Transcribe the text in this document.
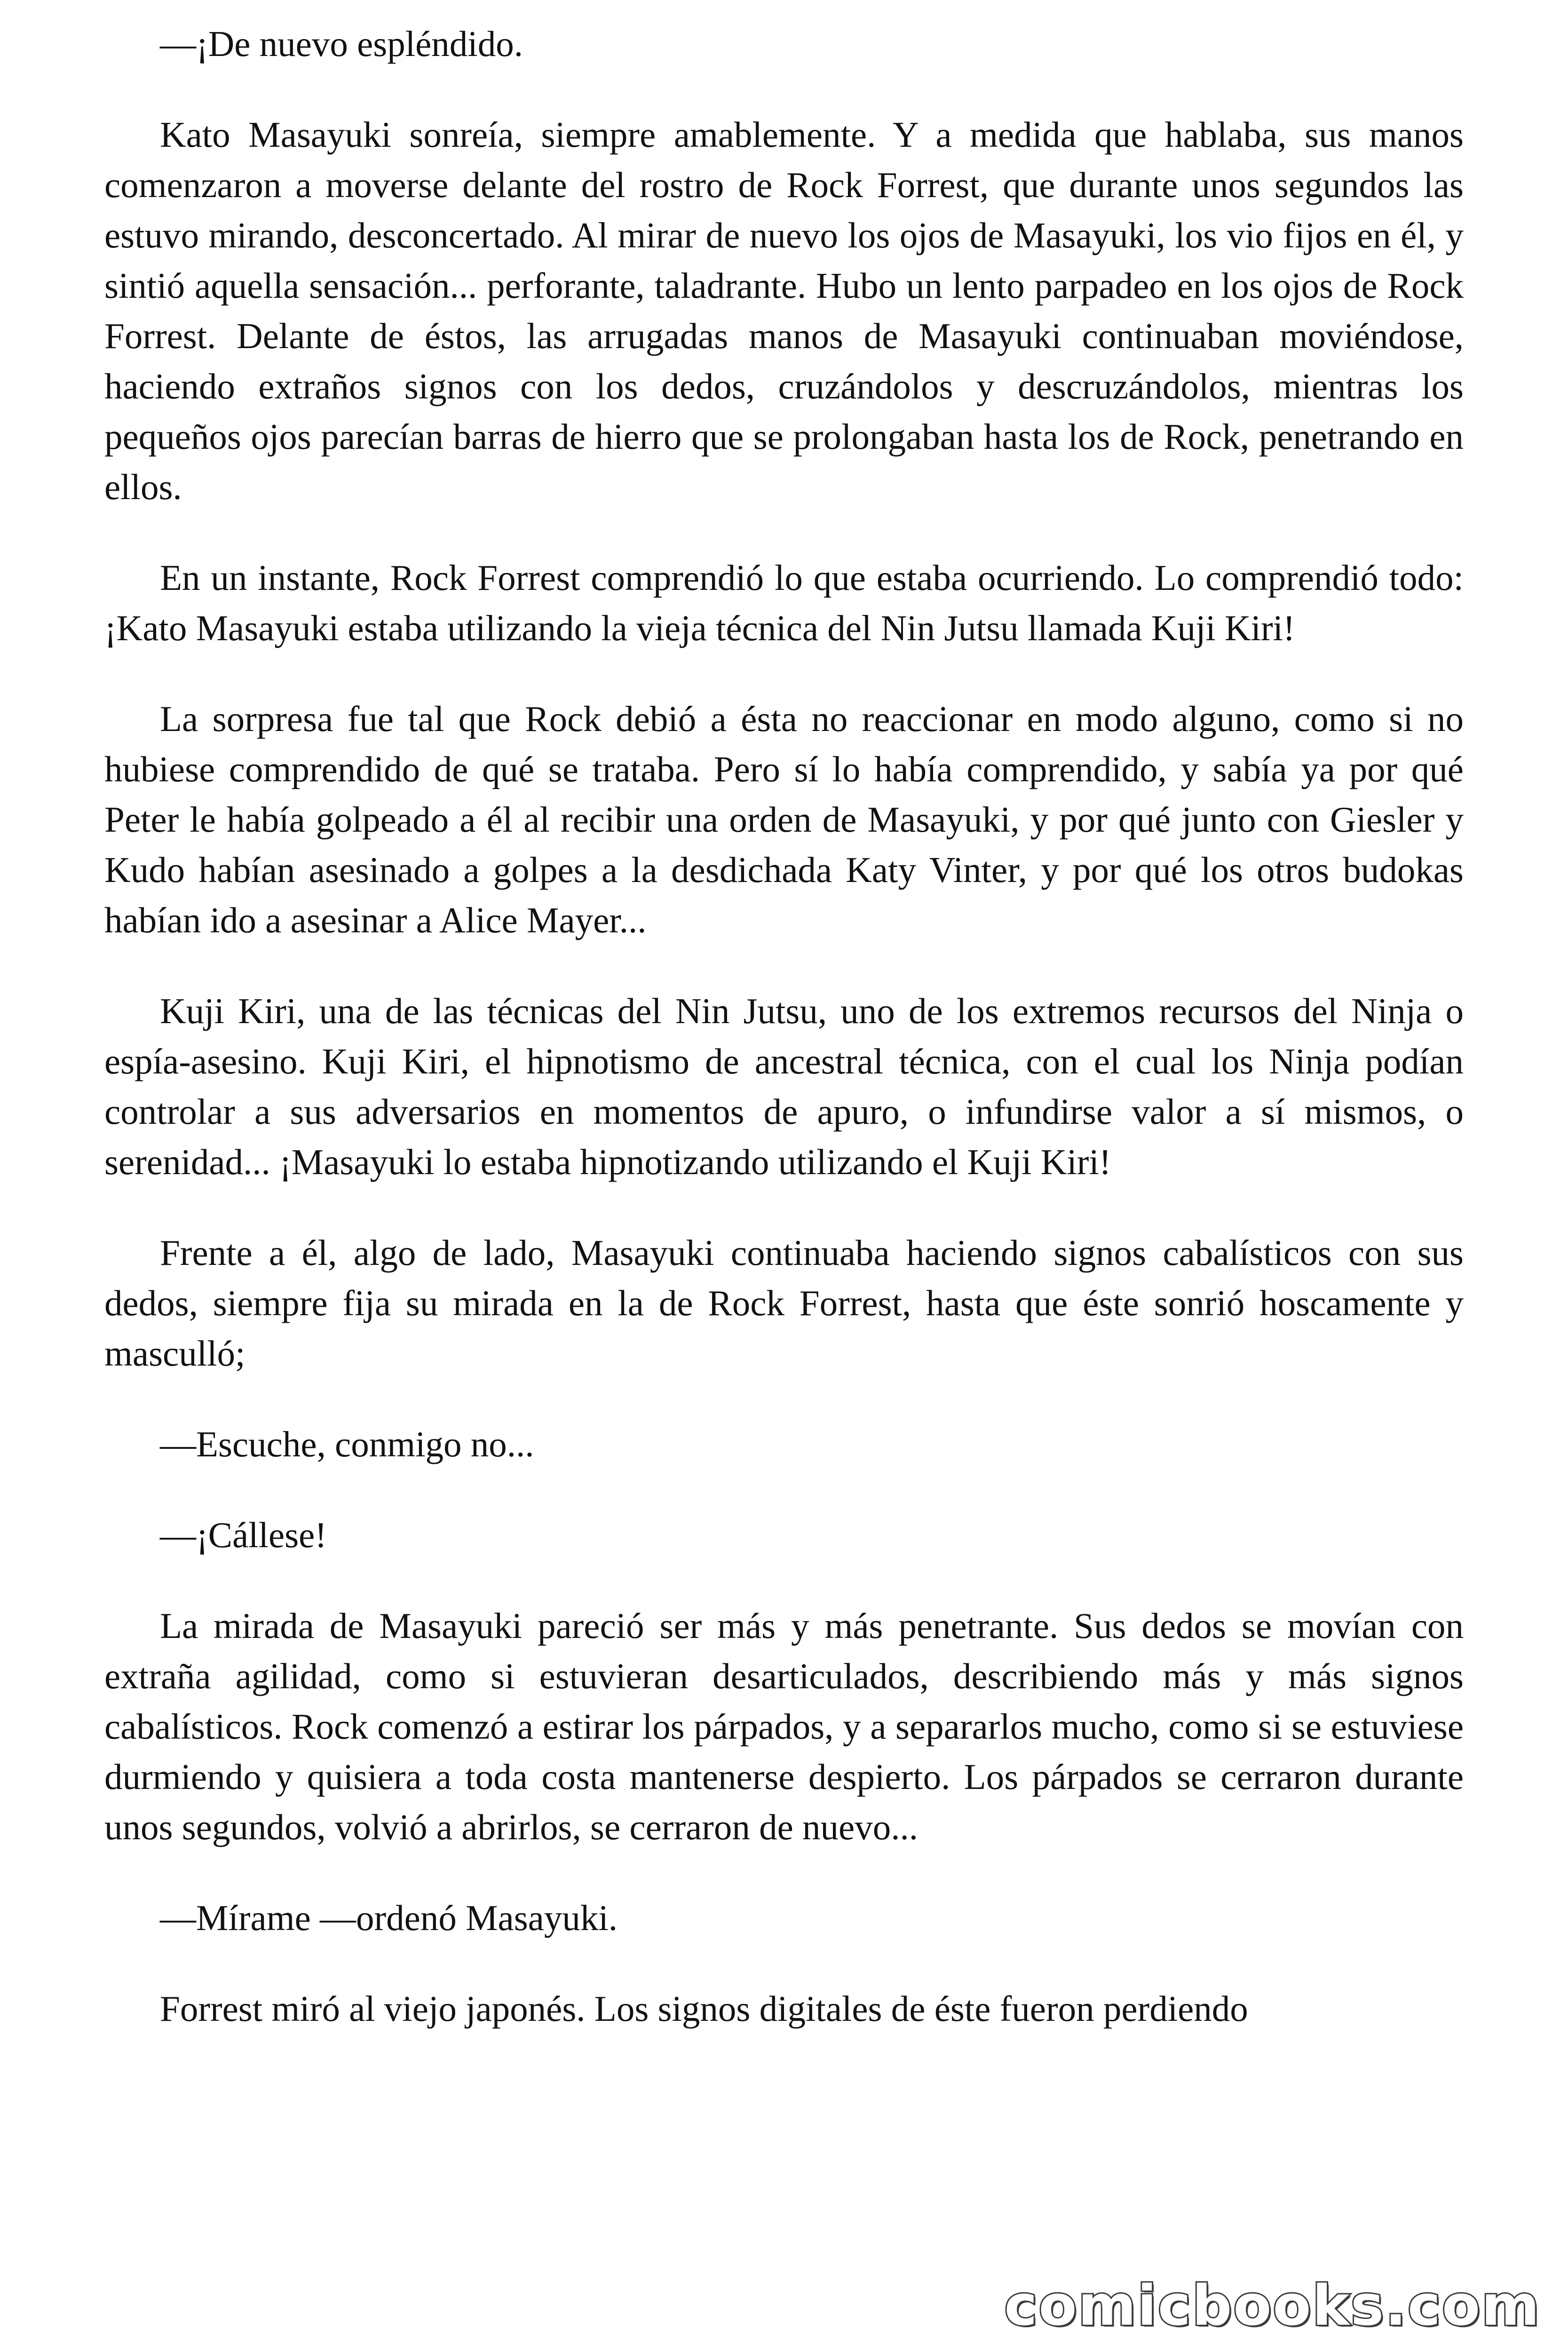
—¡De nuevo espléndido.

Kato Masayuki sonreía, siempre amablemente. Y a medida que hablaba, sus manos comenzaron a moverse delante del rostro de Rock Forrest, que durante unos segundos las estuvo mirando, desconcertado. Al mirar de nuevo los ojos de Masayuki, los vio fijos en él, y sintió aquella sensación... perforante, taladrante. Hubo un lento parpadeo en los ojos de Rock Forrest. Delante de éstos, las arrugadas manos de Masayuki continuaban moviéndose, haciendo extraños signos con los dedos, cruzándolos y descruzándolos, mientras los pequeños ojos parecían barras de hierro que se prolongaban hasta los de Rock, penetrando en ellos.

En un instante, Rock Forrest comprendió lo que estaba ocurriendo. Lo comprendió todo: ¡Kato Masayuki estaba utilizando la vieja técnica del Nin Jutsu llamada Kuji Kiri!

La sorpresa fue tal que Rock debió a ésta no reaccionar en modo alguno, como si no hubiese comprendido de qué se trataba. Pero sí lo había comprendido, y sabía ya por qué Peter le había golpeado a él al recibir una orden de Masayuki, y por qué junto con Giesler y Kudo habían asesinado a golpes a la desdichada Katy Vinter, y por qué los otros budokas habían ido a asesinar a Alice Mayer...

Kuji Kiri, una de las técnicas del Nin Jutsu, uno de los extremos recursos del Ninja o espía-asesino. Kuji Kiri, el hipnotismo de ancestral técnica, con el cual los Ninja podían controlar a sus adversarios en momentos de apuro, o infundirse valor a sí mismos, o serenidad... ¡Masayuki lo estaba hipnotizando utilizando el Kuji Kiri!

Frente a él, algo de lado, Masayuki continuaba haciendo signos cabalísticos con sus dedos, siempre fija su mirada en la de Rock Forrest, hasta que éste sonrió hoscamente y masculló;

—Escuche, conmigo no...

—¡Cállese!

La mirada de Masayuki pareció ser más y más penetrante. Sus dedos se movían con extraña agilidad, como si estuvieran desarticulados, describiendo más y más signos cabalísticos. Rock comenzó a estirar los párpados, y a separarlos mucho, como si se estuviese durmiendo y quisiera a toda costa mantenerse despierto. Los párpados se cerraron durante unos segundos, volvió a abrirlos, se cerraron de nuevo...

—Mírame —ordenó Masayuki.

Forrest miró al viejo japonés. Los signos digitales de éste fueron perdiendo

comicbooks.com
